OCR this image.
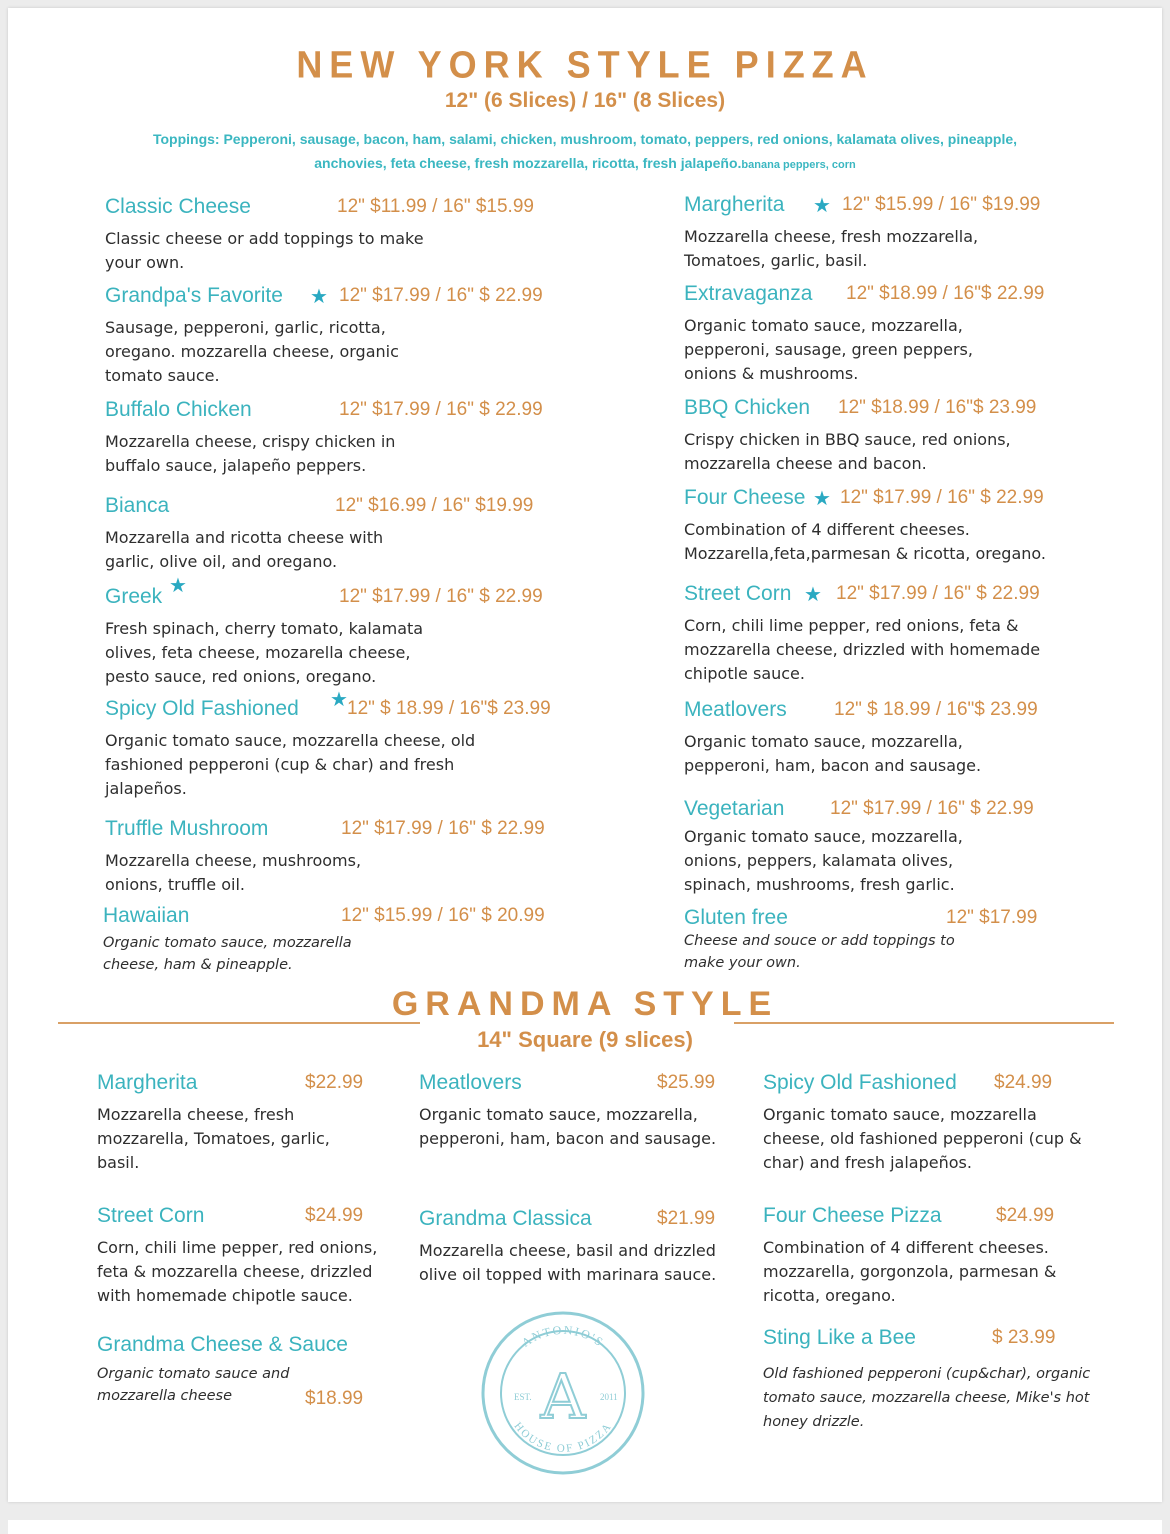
NEW YORK STYLE PIZZA
12" (6 Slices) / 16" (8 Slices)
Toppings: Pepperoni, sausage, bacon, ham, salami, chicken, mushroom, tomato, peppers, red onions, kalamata olives, pineapple, anchovies, feta cheese, fresh mozzarella, ricotta, fresh jalapeño.banana peppers, corn
Classic Cheese	12" $11.99 / 16" $15.99
Classic cheese or add toppings to make your own.
Grandpa's Favorite ★ 12" $17.99 / 16" $ 22.99
Sausage, pepperoni, garlic, ricotta, oregano. mozzarella cheese, organic tomato sauce.
Buffalo Chicken	12" $17.99 / 16" $ 22.99
Mozzarella cheese, crispy chicken in buffalo sauce, jalapeño peppers.
Bianca	12" $16.99 / 16" $19.99
Mozzarella and ricotta cheese with garlic, olive oil, and oregano.
Greek ★	12" $17.99 / 16" $ 22.99
Fresh spinach, cherry tomato, kalamata olives, feta cheese, mozarella cheese, pesto sauce, red onions, oregano.
Spicy Old Fashioned ★ 12" $ 18.99 / 16"$ 23.99
Organic tomato sauce, mozzarella cheese, old fashioned pepperoni (cup & char) and fresh jalapeños.
Truffle Mushroom	12" $17.99 / 16" $ 22.99
Mozzarella cheese, mushrooms, onions, truffle oil.
Hawaiian	12" $15.99 / 16" $ 20.99
Organic tomato sauce, mozzarella cheese, ham & pineapple.
Margherita ★ 12" $15.99 / 16" $19.99
Mozzarella cheese, fresh mozzarella, Tomatoes, garlic, basil.
Extravaganza 12" $18.99 / 16"$ 22.99
Organic tomato sauce, mozzarella, pepperoni, sausage, green peppers, onions & mushrooms.
BBQ Chicken 12" $18.99 / 16"$ 23.99
Crispy chicken in BBQ sauce, red onions, mozzarella cheese and bacon.
Four Cheese ★ 12" $17.99 / 16" $ 22.99
Combination of 4 different cheeses. Mozzarella,feta,parmesan & ricotta, oregano.
Street Corn ★ 12" $17.99 / 16" $ 22.99
Corn, chili lime pepper, red onions, feta & mozzarella cheese, drizzled with homemade chipotle sauce.
Meatlovers 12" $ 18.99 / 16"$ 23.99
Organic tomato sauce, mozzarella, pepperoni, ham, bacon and sausage.
Vegetarian 12" $17.99 / 16" $ 22.99
Organic tomato sauce, mozzarella, onions, peppers, kalamata olives, spinach, mushrooms, fresh garlic.
Gluten free	12" $17.99
Cheese and souce or add toppings to make your own.
GRANDMA STYLE
14" Square (9 slices)
Margherita	$22.99
Mozzarella cheese, fresh mozzarella, Tomatoes, garlic, basil.
Meatlovers	$25.99
Organic tomato sauce, mozzarella, pepperoni, ham, bacon and sausage.
Spicy Old Fashioned $24.99
Organic tomato sauce, mozzarella cheese, old fashioned pepperoni (cup & char) and fresh jalapeños.
Street Corn	$24.99
Corn, chili lime pepper, red onions, feta & mozzarella cheese, drizzled with homemade chipotle sauce.
Grandma Classica	$21.99
Mozzarella cheese, basil and drizzled olive oil topped with marinara sauce.
Four Cheese Pizza	$24.99
Combination of 4 different cheeses. mozzarella, gorgonzola, parmesan & ricotta, oregano.
Grandma Cheese & Sauce
$18.99
Organic tomato sauce and mozzarella cheese
Sting Like a Bee	$ 23.99
Old fashioned pepperoni (cup&char), organic tomato sauce, mozzarella cheese, Mike's hot honey drizzle.
ANTONIO'S
HOUSE OF PIZZA
EST.	2011
A
